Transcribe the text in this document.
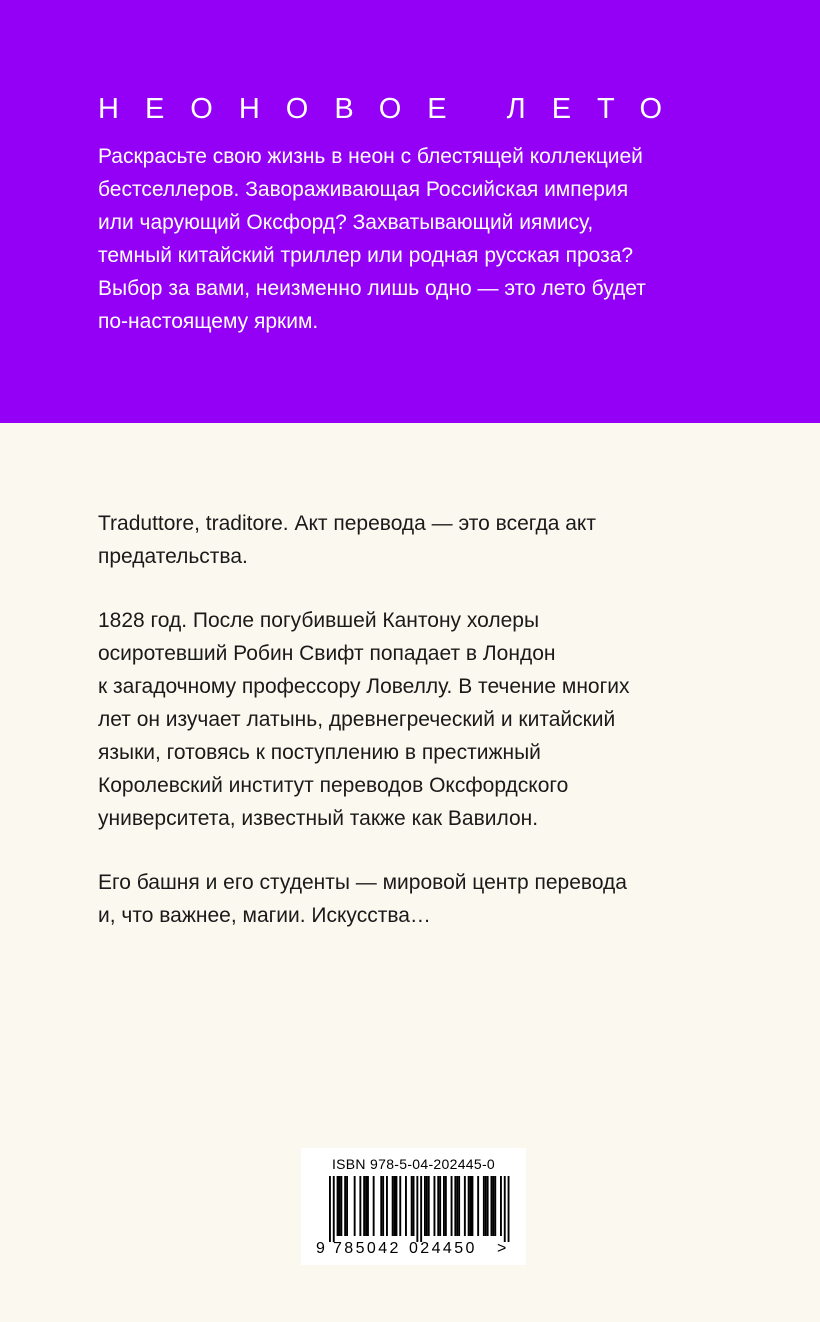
НЕОНОВОЕ ЛЕТО

Раскрасьте свою жизнь в неон с блестящей коллекцией
бестселлеров. Завораживающая Российская империя
или чарующий Оксфорд? Захватывающий иямису,
темный китайский триллер или родная русская проза?
Выбор за вами, неизменно лишь одно — это лето будет
по-настоящему ярким.

Traduttore, traditore. Акт перевода — это всегда акт
предательства.

1828 год. После погубившей Кантону холеры
осиротевший Робин Свифт попадает в Лондон
к загадочному профессору Ловеллу. В течение многих
лет он изучает латынь, древнегреческий и китайский
языки, готовясь к поступлению в престижный
Королевский институт переводов Оксфордского
университета, известный также как Вавилон.

Его башня и его студенты — мировой центр перевода
и, что важнее, магии. Искусства…

ISBN 978-5-04-202445-0
9 785042 024450 >
